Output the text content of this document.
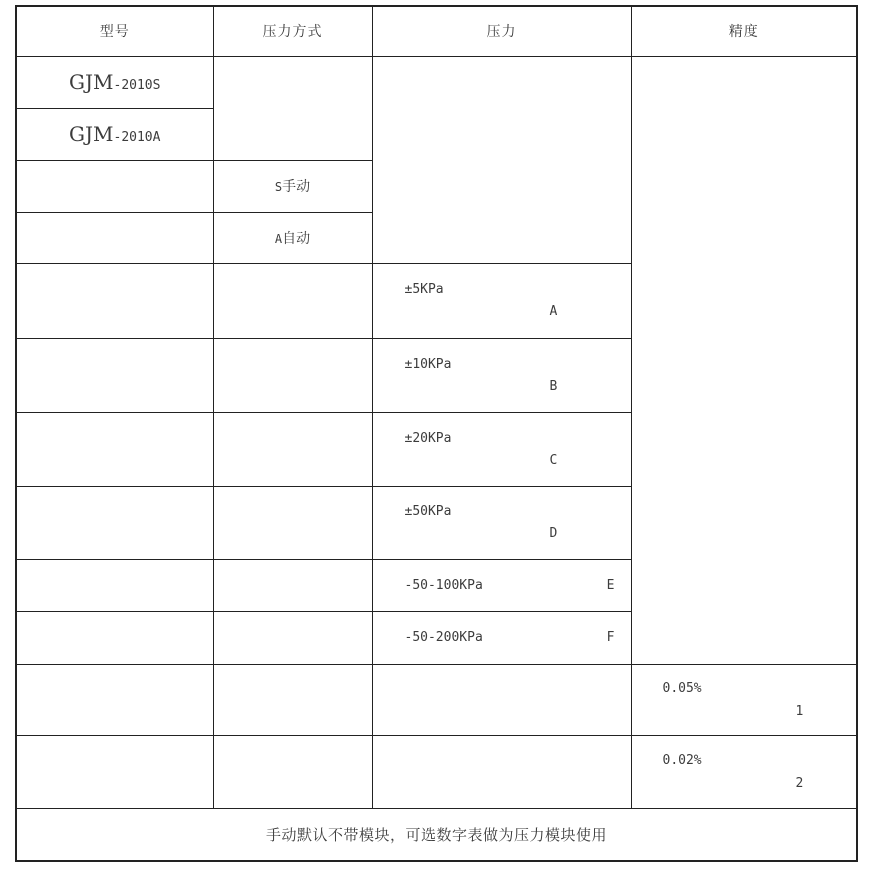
型号	压力方式	压力	精度
GJM-2010S			
GJM-2010A			
	S手动		
	A自动		

		±5KPa
A	

		±10KPa
B	

		±20KPa
C	

		±50KPa
D	

		-50-100KPa E	

		-50-200KPa F	

			0.05%
1

			0.02%
2

手动默认不带模块，可选数字表做为压力模块使用			
